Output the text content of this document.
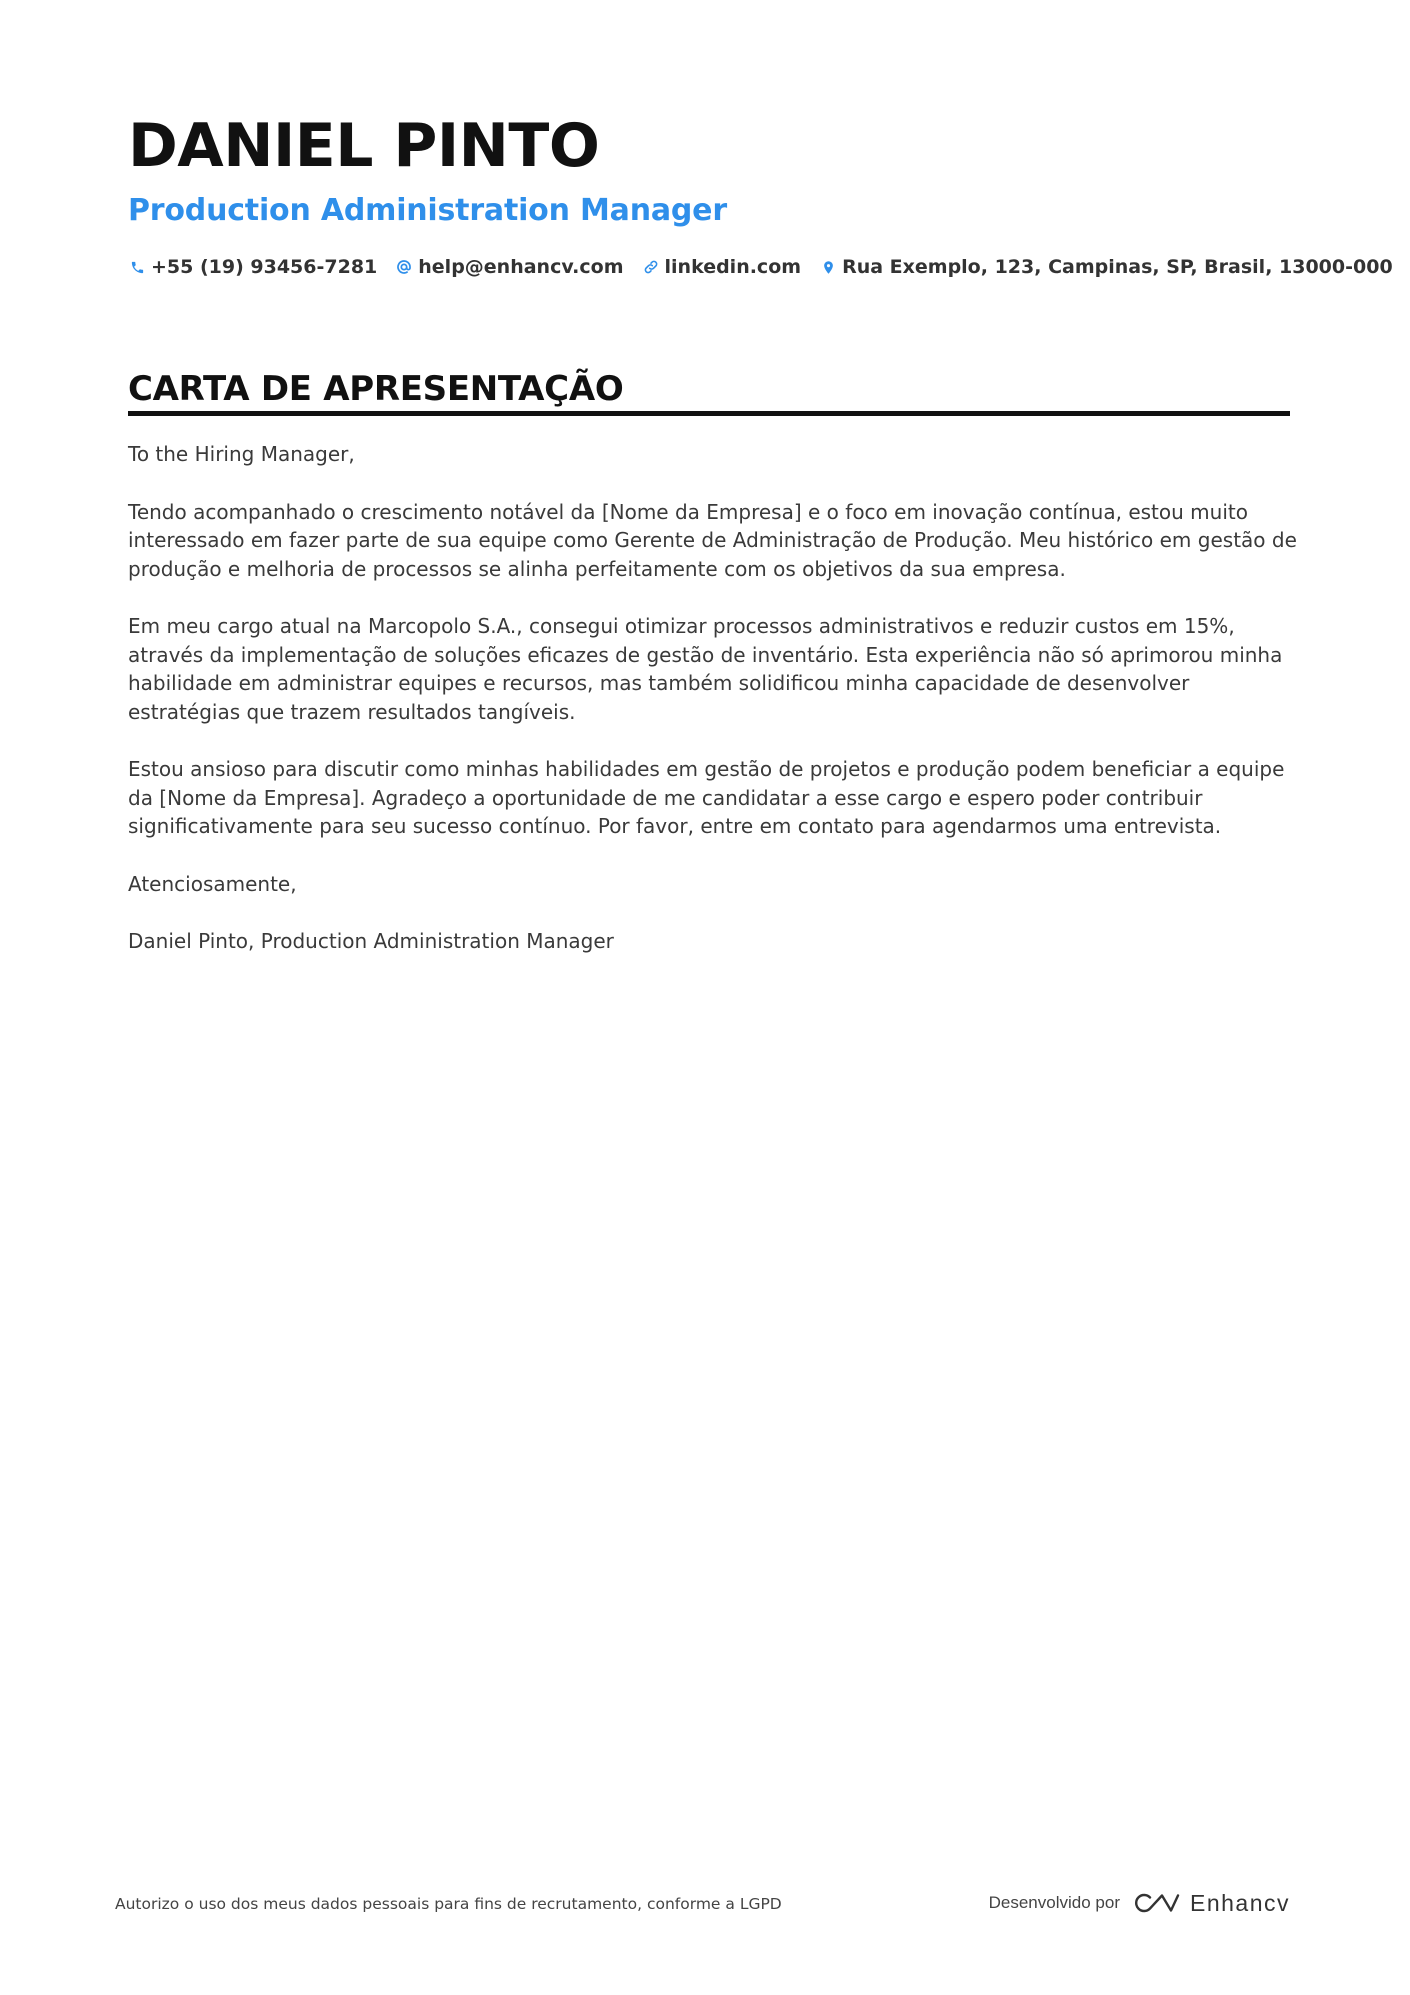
DANIEL PINTO
Production Administration Manager
+55 (19) 93456-7281 help@enhancv.com linkedin.com Rua Exemplo, 123, Campinas, SP, Brasil, 13000-000
CARTA DE APRESENTAÇÃO

To the Hiring Manager,

Tendo acompanhado o crescimento notável da [Nome da Empresa] e o foco em inovação contínua, estou muito interessado em fazer parte de sua equipe como Gerente de Administração de Produção. Meu histórico em gestão de produção e melhoria de processos se alinha perfeitamente com os objetivos da sua empresa.

Em meu cargo atual na Marcopolo S.A., consegui otimizar processos administrativos e reduzir custos em 15%, através da implementação de soluções eficazes de gestão de inventário. Esta experiência não só aprimorou minha habilidade em administrar equipes e recursos, mas também solidificou minha capacidade de desenvolver estratégias que trazem resultados tangíveis.

Estou ansioso para discutir como minhas habilidades em gestão de projetos e produção podem beneficiar a equipe da [Nome da Empresa]. Agradeço a oportunidade de me candidatar a esse cargo e espero poder contribuir significativamente para seu sucesso contínuo. Por favor, entre em contato para agendarmos uma entrevista.

Atenciosamente,

Daniel Pinto, Production Administration Manager

Autorizo o uso dos meus dados pessoais para fins de recrutamento, conforme a LGPD	Desenvolvido por	Enhancv
